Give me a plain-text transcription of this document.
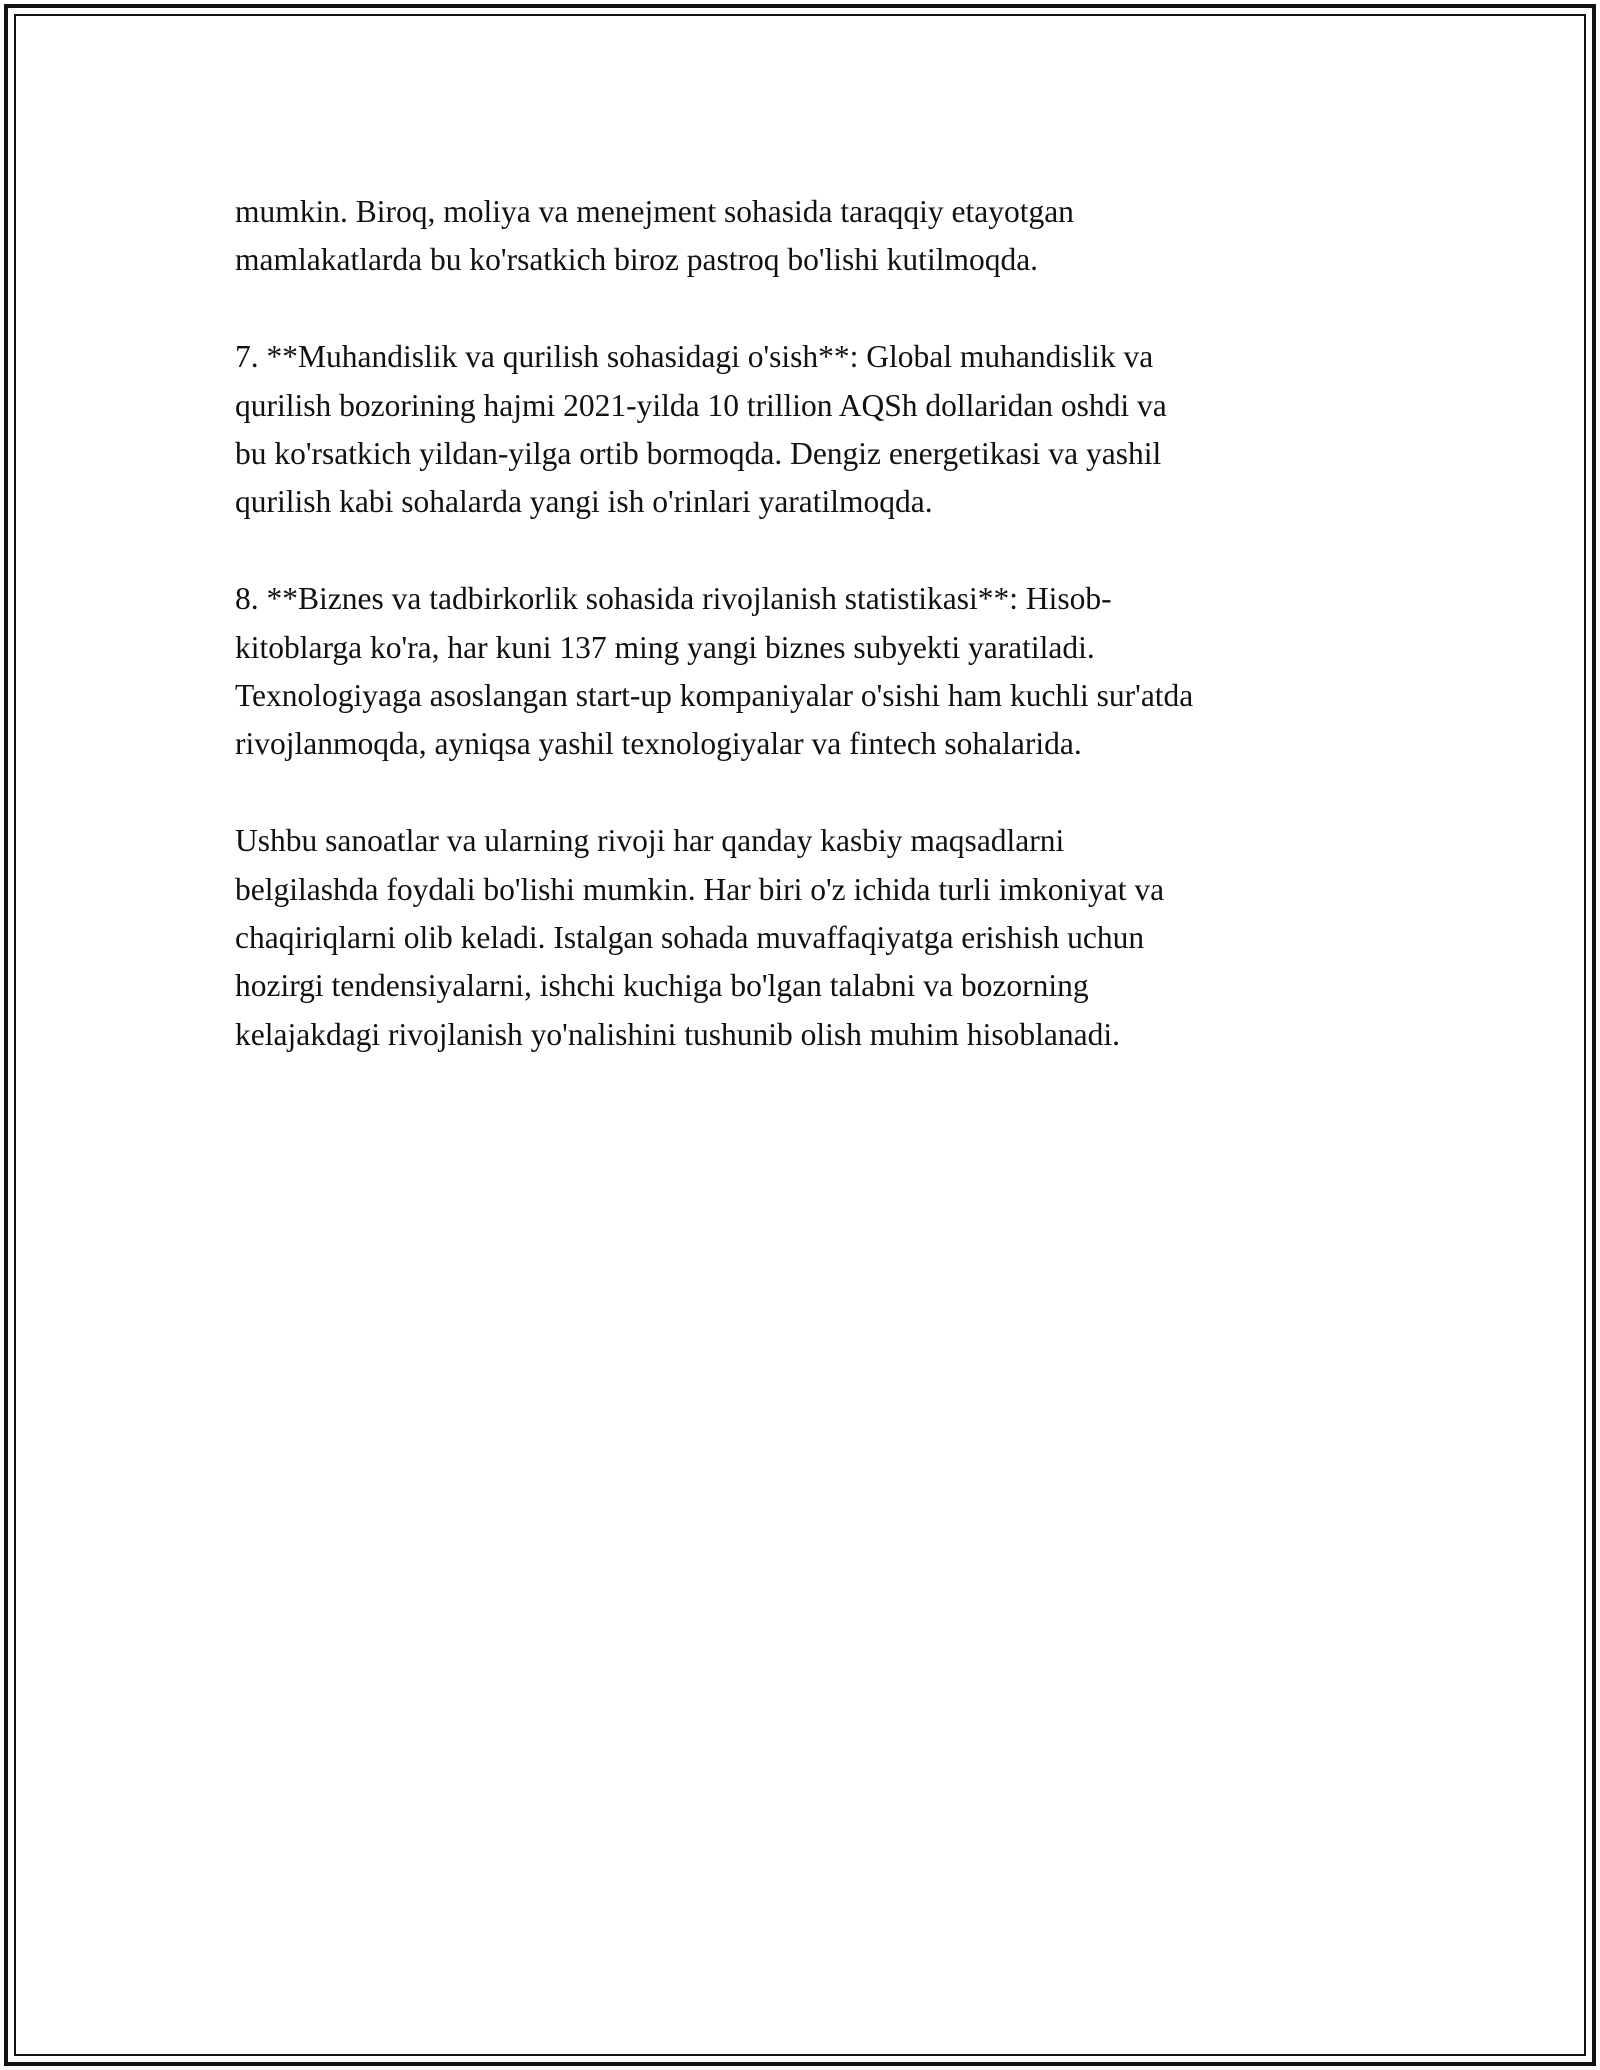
mumkin. Biroq, moliya va menejment sohasida taraqqiy etayotgan
mamlakatlarda bu ko'rsatkich biroz pastroq bo'lishi kutilmoqda.

7. **Muhandislik va qurilish sohasidagi o'sish**: Global muhandislik va
qurilish bozorining hajmi 2021-yilda 10 trillion AQSh dollaridan oshdi va
bu ko'rsatkich yildan-yilga ortib bormoqda. Dengiz energetikasi va yashil
qurilish kabi sohalarda yangi ish o'rinlari yaratilmoqda.

8. **Biznes va tadbirkorlik sohasida rivojlanish statistikasi**: Hisob-
kitoblarga ko'ra, har kuni 137 ming yangi biznes subyekti yaratiladi.
Texnologiyaga asoslangan start-up kompaniyalar o'sishi ham kuchli sur'atda
rivojlanmoqda, ayniqsa yashil texnologiyalar va fintech sohalarida.

Ushbu sanoatlar va ularning rivoji har qanday kasbiy maqsadlarni
belgilashda foydali bo'lishi mumkin. Har biri o'z ichida turli imkoniyat va
chaqiriqlarni olib keladi. Istalgan sohada muvaffaqiyatga erishish uchun
hozirgi tendensiyalarni, ishchi kuchiga bo'lgan talabni va bozorning
kelajakdagi rivojlanish yo'nalishini tushunib olish muhim hisoblanadi.
